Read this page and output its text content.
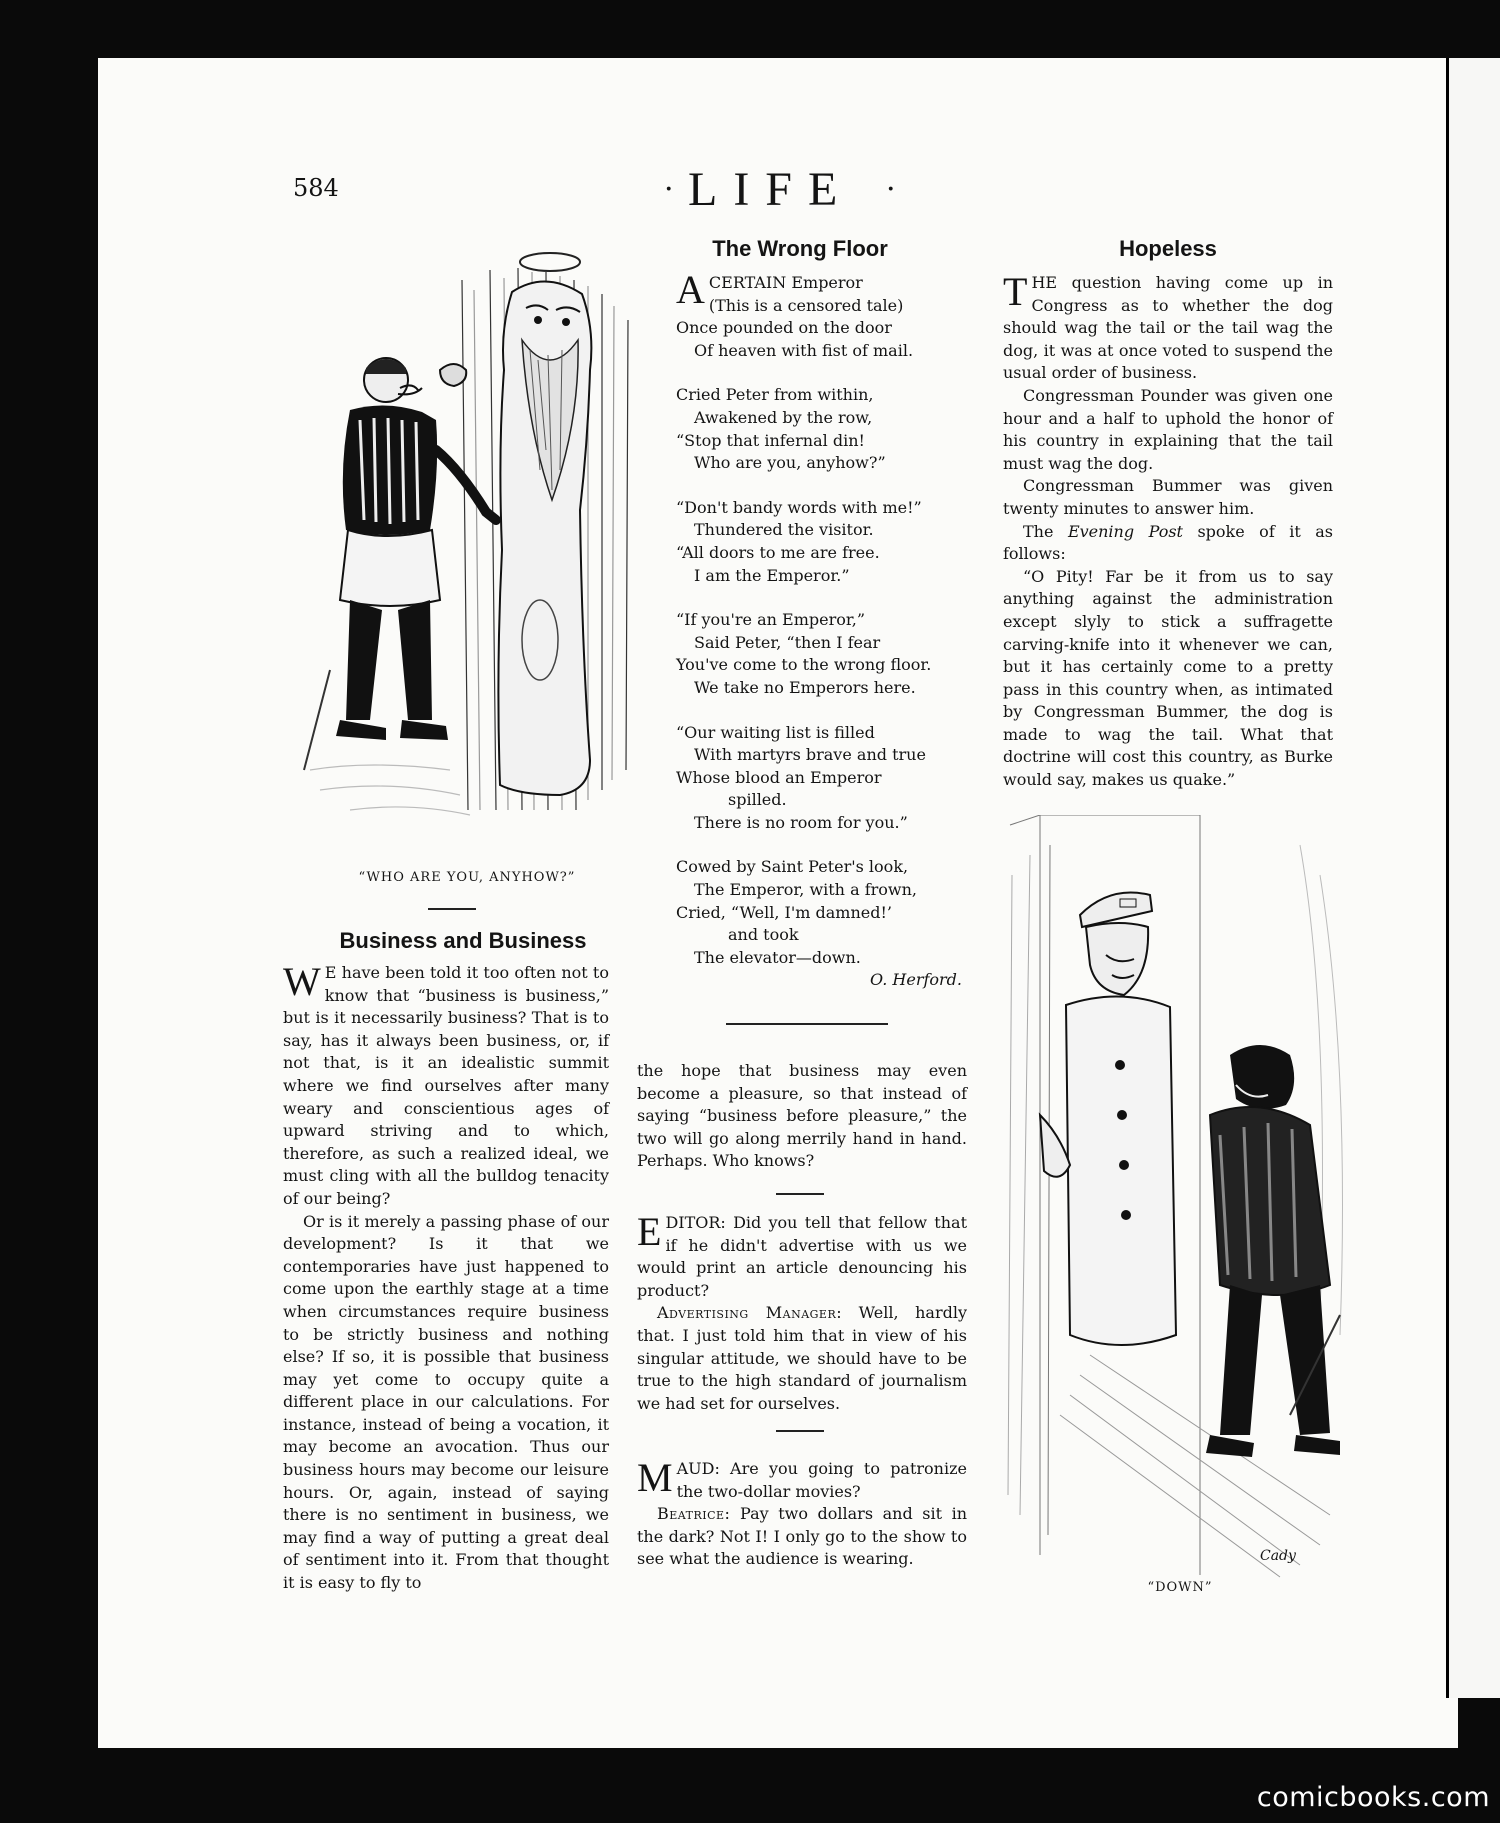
584	· LIFE ·
“WHO ARE YOU, ANYHOW?”
Business and Business

W E have been told it too often not to know that “business is business,” but is it necessarily business? That is to say, has it always been business, or, if not that, is it an idealistic summit where we find ourselves after many weary and conscientious ages of upward striving and to which, therefore, as such a realized ideal, we must cling with all the bulldog tenacity of our being?

Or is it merely a passing phase of our development? Is it that we contemporaries have just happened to come upon the earthly stage at a time when circumstances require business to be strictly business and nothing else? If so, it is possible that business may yet come to occupy quite a different place in our calculations. For instance, instead of being a vocation, it may become an avocation. Thus our business hours may become our leisure hours. Or, again, instead of saying there is no sentiment in business, we may find a way of putting a great deal of sentiment into it. From that thought it is easy to fly to

The Wrong Floor
ACERTAIN Emperor
(This is a censored tale)
Once pounded on the door
Of heaven with fist of mail.
Cried Peter from within,
Awakened by the row,
“Stop that infernal din!
Who are you, anyhow?”
“Don't bandy words with me!”
Thundered the visitor.
“All doors to me are free.
I am the Emperor.”
“If you're an Emperor,”
Said Peter, “then I fear
You've come to the wrong floor.
We take no Emperors here.
“Our waiting list is filled
With martyrs brave and true
Whose blood an Emperor
spilled.
There is no room for you.”
Cowed by Saint Peter's look,
The Emperor, with a frown,
Cried, “Well, I'm damned!’
and took
The elevator—down.
O. Herford.

the hope that business may even become a pleasure, so that instead of saying “business before pleasure,” the two will go along merrily hand in hand. Perhaps. Who knows?

EDITOR: Did you tell that fellow that if he didn't advertise with us we would print an article denouncing his product?

Advertising Manager: Well, hardly that. I just told him that in view of his singular attitude, we should have to be true to the high standard of journalism we had set for ourselves.

MAUD: Are you going to patronize the two-dollar movies?

Beatrice: Pay two dollars and sit in the dark? Not I! I only go to the show to see what the audience is wearing.

Hopeless

THE question having come up in Congress as to whether the dog should wag the tail or the tail wag the dog, it was at once voted to suspend the usual order of business.

Congressman Pounder was given one hour and a half to uphold the honor of his country in explaining that the tail must wag the dog.

Congressman Bummer was given twenty minutes to answer him.

The Evening Post spoke of it as follows:

“O Pity! Far be it from us to say anything against the administration except slyly to stick a suffragette carving-knife into it whenever we can, but it has certainly come to a pretty pass in this country when, as intimated by Congressman Bummer, the dog is made to wag the tail. What that doctrine will cost this country, as Burke would say, makes us quake.”

Cady
“DOWN”
comicbooks.com
